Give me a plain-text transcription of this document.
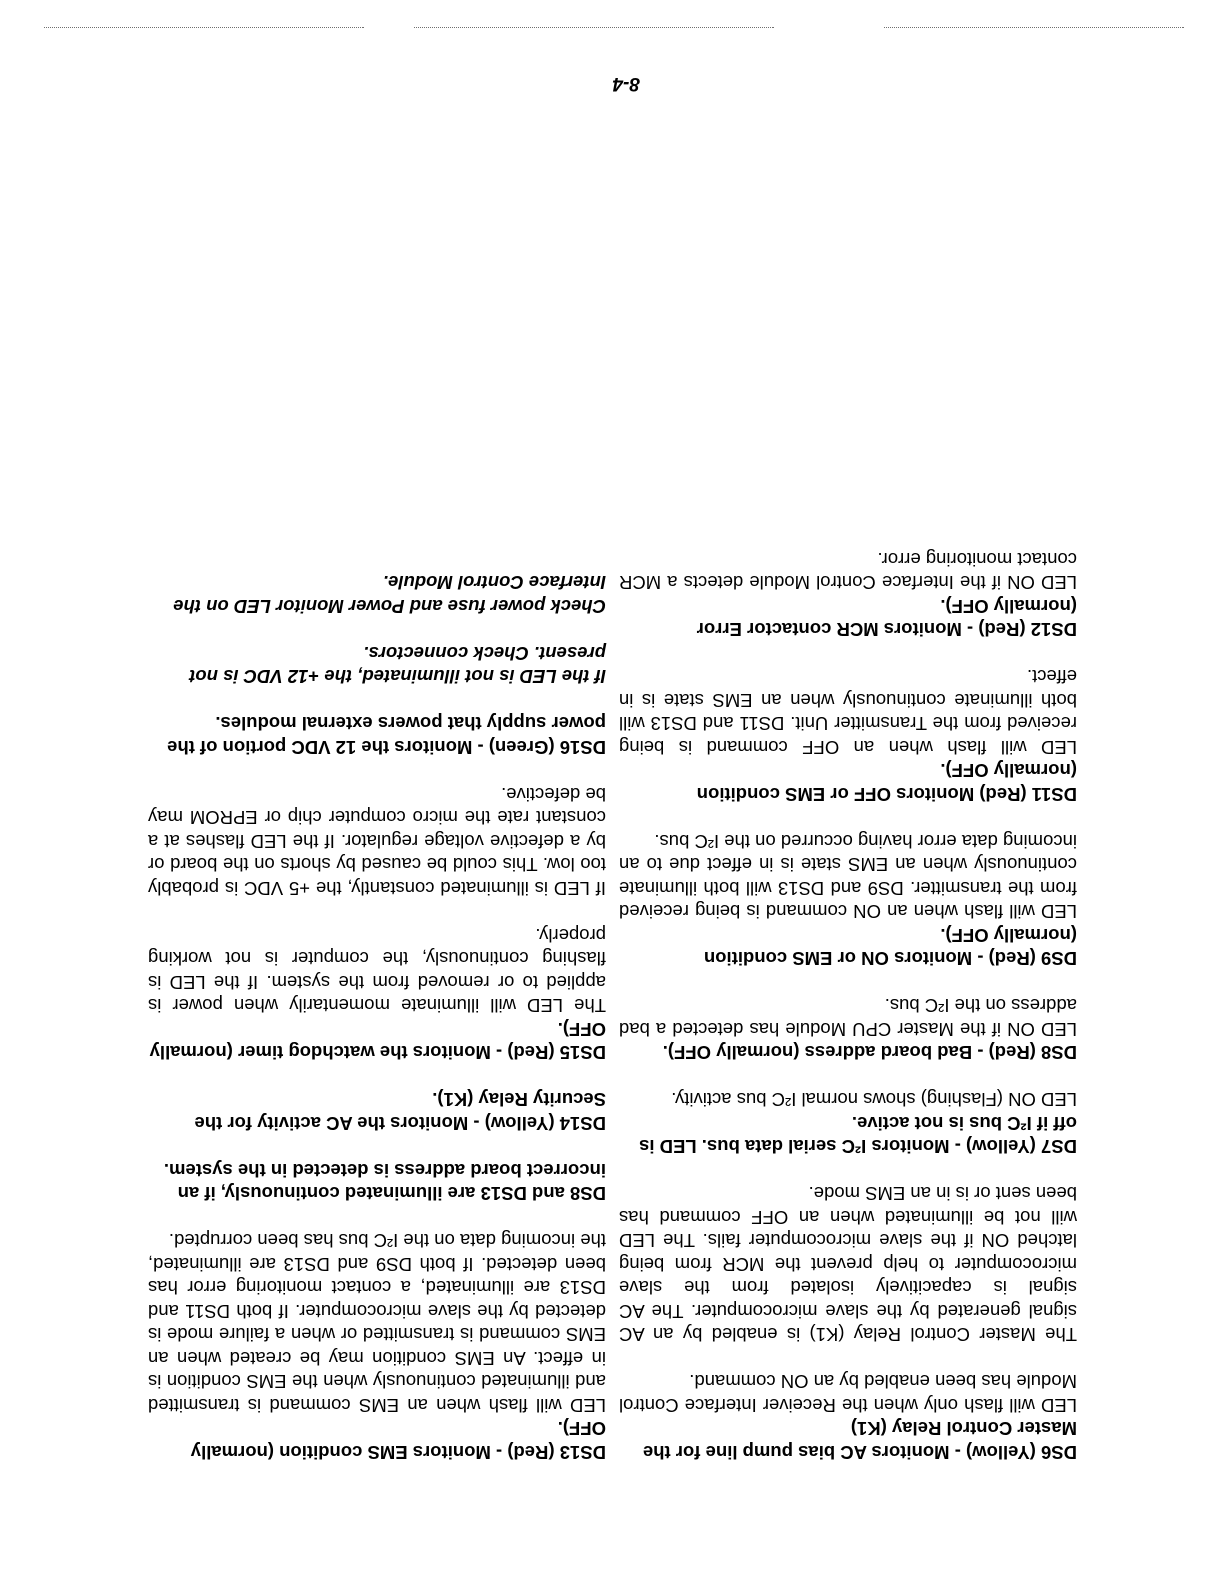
DS6 (Yellow) - Monitors AC bias pump line for the Master Control Relay (K1)
LED will flash only when the Receiver Interface Control Module has been enabled by an ON command.
The Master Control Relay (K1) is enabled by an AC signal generated by the slave microcomputer. The AC signal is capacitively isolated from the slave microcomputer to help prevent the MCR from being latched ON if the slave microcomputer fails. The LED will not be illuminated when an OFF command has been sent or is in an EMS mode.
DS7 (Yellow) - Monitors I²C serial data bus. LED is off if I²C bus is not active.
LED ON (Flashing) shows normal I²C bus activity.
DS8 (Red) - Bad board address (normally OFF).
LED ON if the Master CPU Module has detected a bad address on the I²C bus.
DS9 (Red) - Monitors ON or EMS condition (normally OFF).
LED will flash when an ON command is being received from the transmitter. DS9 and DS13 will both illuminate continuously when an EMS state is in effect due to an incoming data error having occurred on the I²C bus.
DS11 (Red) Monitors OFF or EMS condition (normally OFF).
LED will flash when an OFF command is being received from the Transmitter Unit. DS11 and DS13 will both illuminate continuously when an EMS state is in effect.
DS12 (Red) - Monitors MCR contactor Error (normally OFF).
LED ON if the Interface Control Module detects a MCR contact monitoring error.
DS13 (Red) - Monitors EMS condition (normally OFF).
LED will flash when an EMS command is transmitted and illuminated continuously when the EMS condition is in effect. An EMS condition may be created when an EMS command is transmitted or when a failure mode is detected by the slave microcomputer. If both DS11 and DS13 are illuminated, a contact monitoring error has been detected. If both DS9 and DS13 are illuminated, the incoming data on the I²C bus has been corrupted.
DS8 and DS13 are illuminated continuously, if an incorrect board address is detected in the system.
DS14 (Yellow) - Monitors the AC activity for the Security Relay (K1).
DS15 (Red) - Monitors the watchdog timer (normally OFF).
The LED will illuminate momentarily when power is applied to or removed from the system. If the LED is flashing continuously, the computer is not working properly.
If LED is illuminated constantly, the +5 VDC is probably too low. This could be caused by shorts on the board or by a defective voltage regulator. If the LED flashes at a constant rate the micro computer chip or EPROM may be defective.
DS16 (Green) - Monitors the 12 VDC portion of the power supply that powers external modules.
If the LED is not illuminated, the +12 VDC is not present. Check connectors.
Check power fuse and Power Monitor LED on the Interface Control Module.
8-4
